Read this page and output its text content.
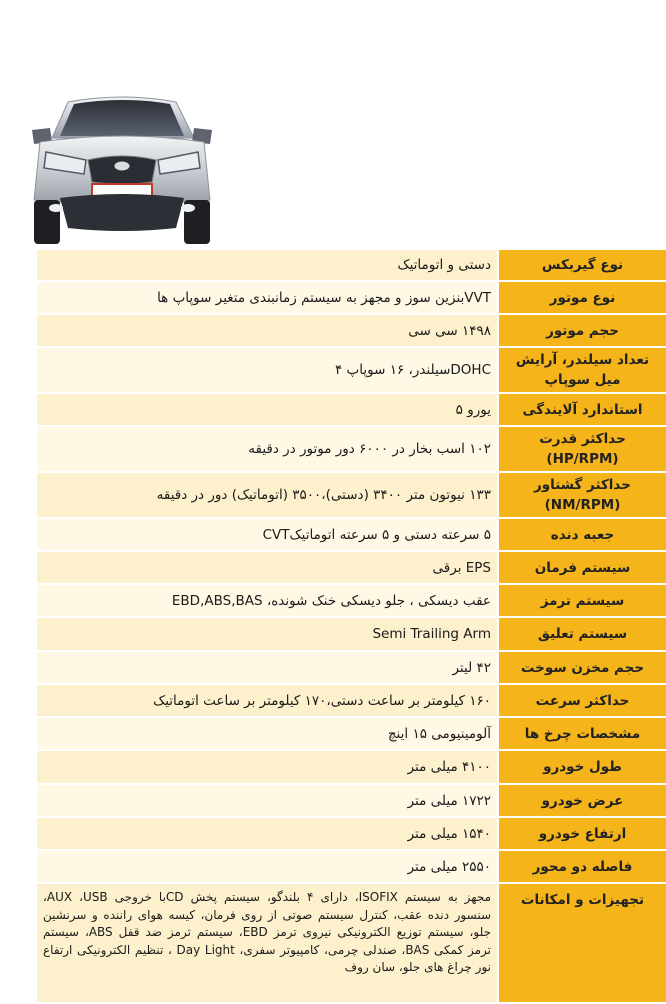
نوع گیربکس
دستی و اتوماتیک
نوع موتور
VVTبنزین سوز و مجهز به سیستم زمانبندی متغیر سوپاپ ها
حجم موتور
۱۴۹۸ سی سی
تعداد سیلندر، آرایش میل سوپاپ
DOHCسیلندر، ۱۶ سوپاپ ۴
استاندارد آلایندگی
یورو ۵
حداکثر قدرت (HP/RPM)
۱۰۲ اسب بخار در ۶۰۰۰ دور موتور در دقیقه
حداکثر گشتاور (NM/RPM)
۱۳۳ نیوتون متر ۳۴۰۰ (دستی)،۳۵۰۰ (اتوماتیک) دور در دقیقه
جعبه دنده
۵ سرعته دستی و ۵ سرعته اتوماتیکCVT
سیستم فرمان
EPS برقی
سیستم ترمز
عقب دیسکی ، جلو دیسکی خنک شونده، EBD,ABS,BAS
سیستم تعلیق
Semi Trailing Arm
حجم مخزن سوخت
۴۲ لیتر
حداکثر سرعت
۱۶۰ کیلومتر بر ساعت دستی،۱۷۰ کیلومتر بر ساعت اتوماتیک
مشخصات چرخ ها
آلومینیومی ۱۵ اینچ
طول خودرو
۴۱۰۰ میلی متر
عرض خودرو
۱۷۲۲ میلی متر
ارتفاع خودرو
۱۵۴۰ میلی متر
فاصله دو محور
۲۵۵۰ میلی متر
تجهیزات و امکانات
مجهز به سیستم ISOFIX، دارای ۴ بلندگو، سیستم پخش CDبا خروجی AUX ،USB، سنسور دنده عقب، کنترل سیستم صوتی از روی فرمان، کیسه هوای راننده و سرنشین جلو، سیستم توزیع الکترونیکی نیروی ترمز EBD، سیستم ترمز ضد قفل ABS، سیستم ترمز کمکی BAS، صندلی چرمی، کامپیوتر سفری، Day Light ، تنظیم الکترونیکی ارتفاع نور چراغ های جلو، سان روف
